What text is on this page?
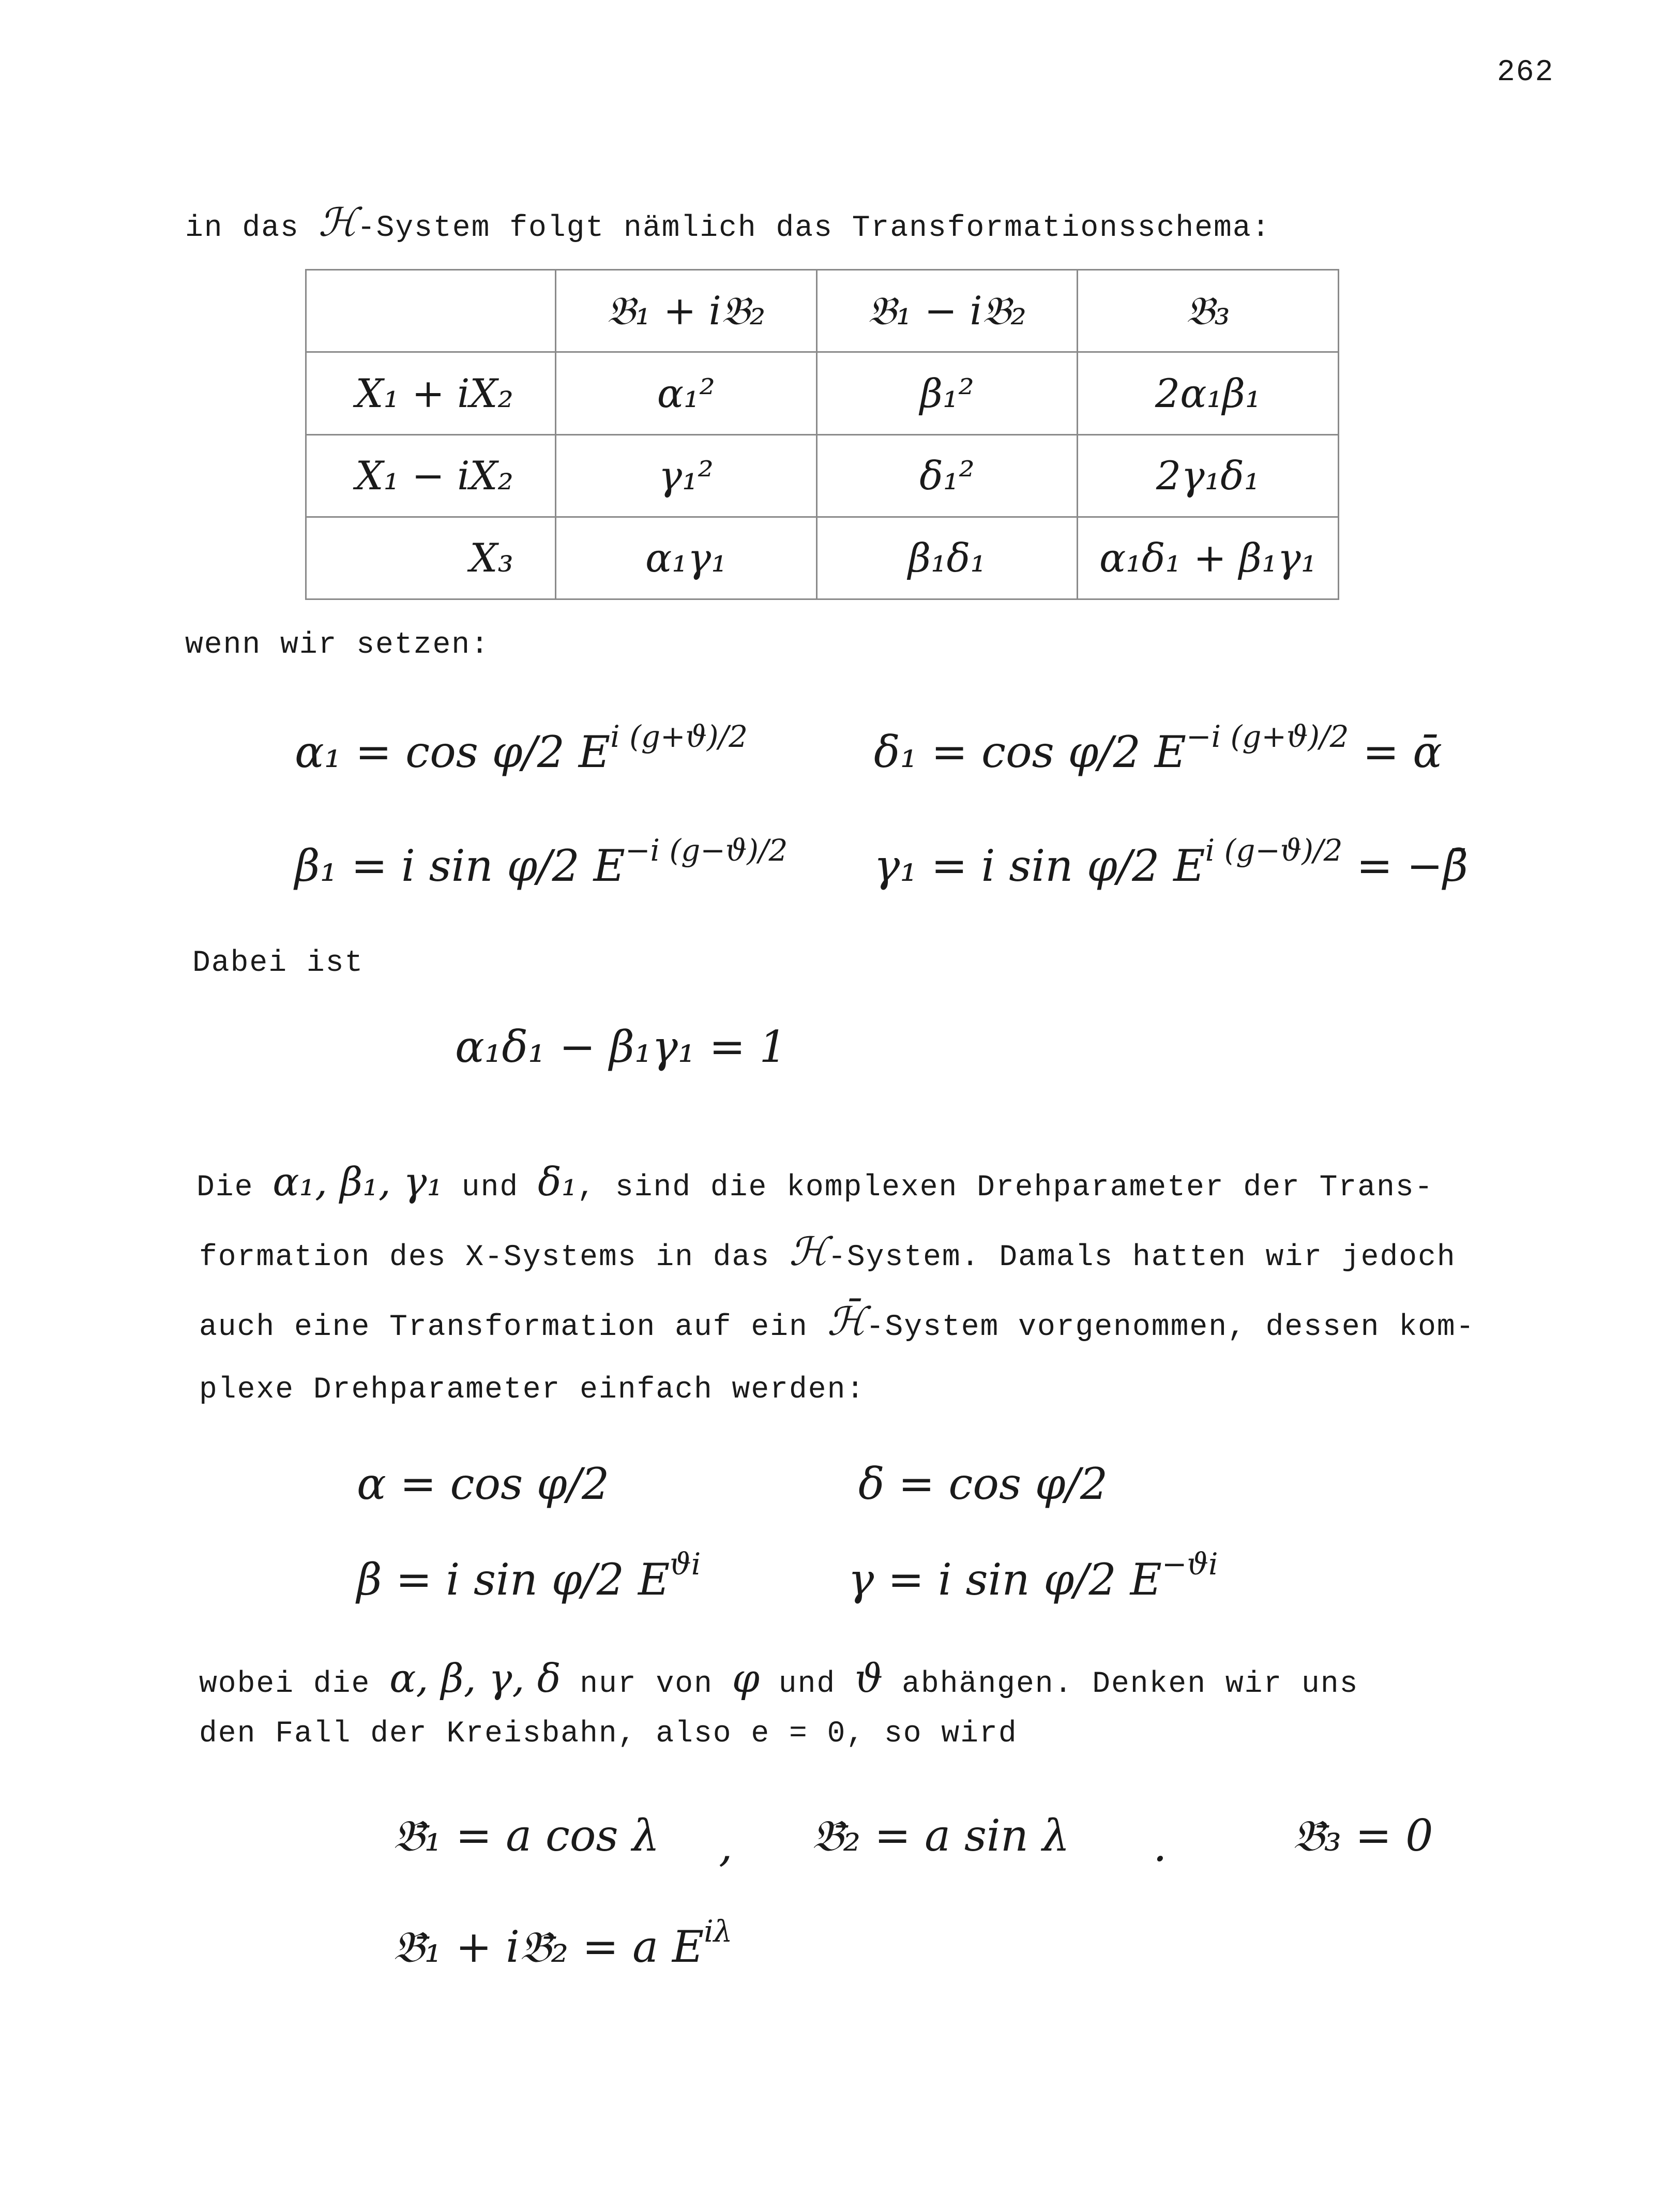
262
in das ℋ-System folgt nämlich das Transformationsschema:
	𝔅₁ + i𝔅₂	𝔅₁ − i𝔅₂	𝔅₃
X₁ + iX₂	α₁²	β₁²	2α₁β₁
X₁ − iX₂	γ₁²	δ₁²	2γ₁δ₁
X₃	α₁γ₁	β₁δ₁	α₁δ₁ + β₁γ₁
wenn wir setzen:
α₁ = cos φ/2 $E^{i (g+ϑ)/2}$	δ₁ = cos φ/2 $E^{-i (g+ϑ)/2}$ = ᾱ
β₁ = i sin φ/2 $E^{-i (g-ϑ)/2}$ γ₁ = i sin φ/2 $E^{i (g-ϑ)/2}$ = −β̄
Dabei ist
α₁δ₁ − β₁γ₁ = 1
Die α₁, β₁, γ₁ und δ₁, sind die komplexen Drehparameter der Trans-
formation des X-Systems in das ℋ-System. Damals hatten wir jedoch
auch eine Transformation auf ein ℋ̄-System vorgenommen, dessen kom-
plexe Drehparameter einfach werden:
α = cos φ/2	δ = cos φ/2
β = i sin φ/2 $E^{ϑi}$	γ = i sin φ/2 $E^{-ϑi}$
wobei die α, β, γ, δ nur von φ und ϑ abhängen. Denken wir uns
den Fall der Kreisbahn, also e = 0, so wird
𝔅̄₁ = a cos λ , 𝔅̄₂ = a sin λ .	𝔅̄₃ = 0
𝔅̄₁ + i𝔅̄₂ = a $E^{i\lambda}$
